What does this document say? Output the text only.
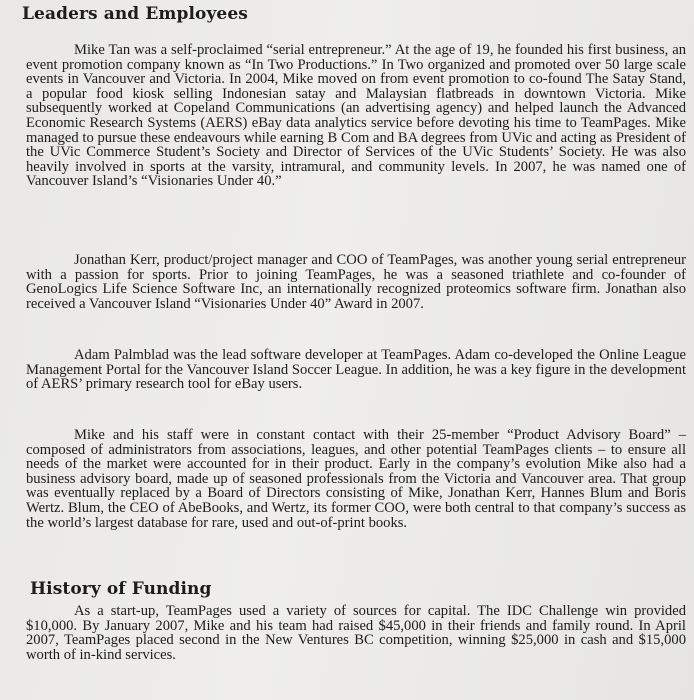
Leaders and Employees

Mike Tan was a self-proclaimed “serial entrepreneur.” At the age of 19, he founded his first business, an event promotion company known as “In Two Productions.” In Two organized and promoted over 50 large scale events in Vancouver and Victoria. In 2004, Mike moved on from event promotion to co-found The Satay Stand, a popular food kiosk selling Indonesian satay and Malaysian flatbreads in downtown Victoria. Mike subsequently worked at Copeland Communications (an advertising agency) and helped launch the Advanced Economic Research Systems (AERS) eBay data analytics service before devoting his time to TeamPages. Mike managed to pursue these endeavours while earning B Com and BA degrees from UVic and acting as President of the UVic Commerce Student’s Society and Director of Services of the UVic Students’ Society. He was also heavily involved in sports at the varsity, intramural, and community levels. In 2007, he was named one of Vancouver Island’s “Visionaries Under 40.”

Jonathan Kerr, product/project manager and COO of TeamPages, was another young serial entrepreneur with a passion for sports. Prior to joining TeamPages, he was a seasoned triathlete and co-founder of GenoLogics Life Science Software Inc, an internationally recognized proteomics software firm. Jonathan also received a Vancouver Island “Visionaries Under 40” Award in 2007.

Adam Palmblad was the lead software developer at TeamPages. Adam co-developed the Online League Management Portal for the Vancouver Island Soccer League. In addition, he was a key figure in the development of AERS’ primary research tool for eBay users.

Mike and his staff were in constant contact with their 25-member “Product Advisory Board” – composed of administrators from associations, leagues, and other potential TeamPages clients – to ensure all needs of the market were accounted for in their product. Early in the company’s evolution Mike also had a business advisory board, made up of seasoned professionals from the Victoria and Vancouver area. That group was eventually replaced by a Board of Directors consisting of Mike, Jonathan Kerr, Hannes Blum and Boris Wertz. Blum, the CEO of AbeBooks, and Wertz, its former COO, were both central to that company’s success as the world’s largest database for rare, used and out-of-print books.

History of Funding

As a start-up, TeamPages used a variety of sources for capital. The IDC Challenge win provided $10,000. By January 2007, Mike and his team had raised $45,000 in their friends and family round. In April 2007, TeamPages placed second in the New Ventures BC competition, winning $25,000 in cash and $15,000 worth of in-kind services.
